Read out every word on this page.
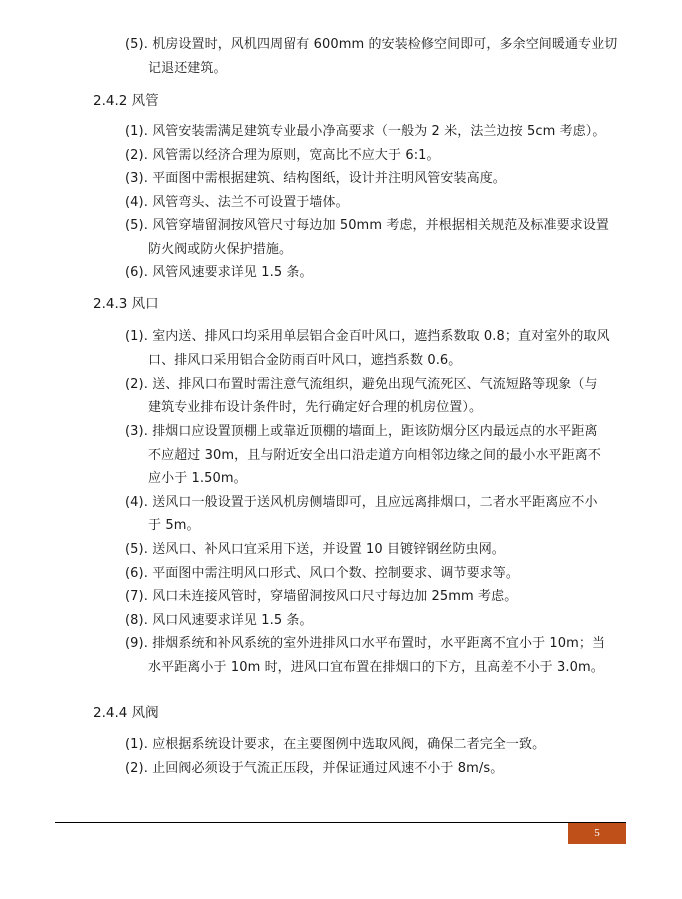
(5). 机房设置时，风机四周留有 600mm 的安装检修空间即可，多余空间暖通专业切
记退还建筑。
2.4.2 风管
(1). 风管安装需满足建筑专业最小净高要求（一般为 2 米，法兰边按 5cm 考虑）。
(2). 风管需以经济合理为原则，宽高比不应大于 6:1。
(3). 平面图中需根据建筑、结构图纸，设计并注明风管安装高度。
(4). 风管弯头、法兰不可设置于墙体。
(5). 风管穿墙留洞按风管尺寸每边加 50mm 考虑，并根据相关规范及标准要求设置
防火阀或防火保护措施。
(6). 风管风速要求详见 1.5 条。
2.4.3 风口
(1). 室内送、排风口均采用单层铝合金百叶风口，遮挡系数取 0.8；直对室外的取风
口、排风口采用铝合金防雨百叶风口，遮挡系数 0.6。
(2). 送、排风口布置时需注意气流组织，避免出现气流死区、气流短路等现象（与
建筑专业排布设计条件时，先行确定好合理的机房位置）。
(3). 排烟口应设置顶棚上或靠近顶棚的墙面上，距该防烟分区内最远点的水平距离
不应超过 30m，且与附近安全出口沿走道方向相邻边缘之间的最小水平距离不
应小于 1.50m。
(4). 送风口一般设置于送风机房侧墙即可，且应远离排烟口，二者水平距离应不小
于 5m。
(5). 送风口、补风口宜采用下送，并设置 10 目镀锌钢丝防虫网。
(6). 平面图中需注明风口形式、风口个数、控制要求、调节要求等。
(7). 风口未连接风管时，穿墙留洞按风口尺寸每边加 25mm 考虑。
(8). 风口风速要求详见 1.5 条。
(9). 排烟系统和补风系统的室外进排风口水平布置时，水平距离不宜小于 10m；当
水平距离小于 10m 时，进风口宜布置在排烟口的下方，且高差不小于 3.0m。
2.4.4 风阀
(1). 应根据系统设计要求，在主要图例中选取风阀，确保二者完全一致。
(2). 止回阀必须设于气流正压段，并保证通过风速不小于 8m/s。
5
